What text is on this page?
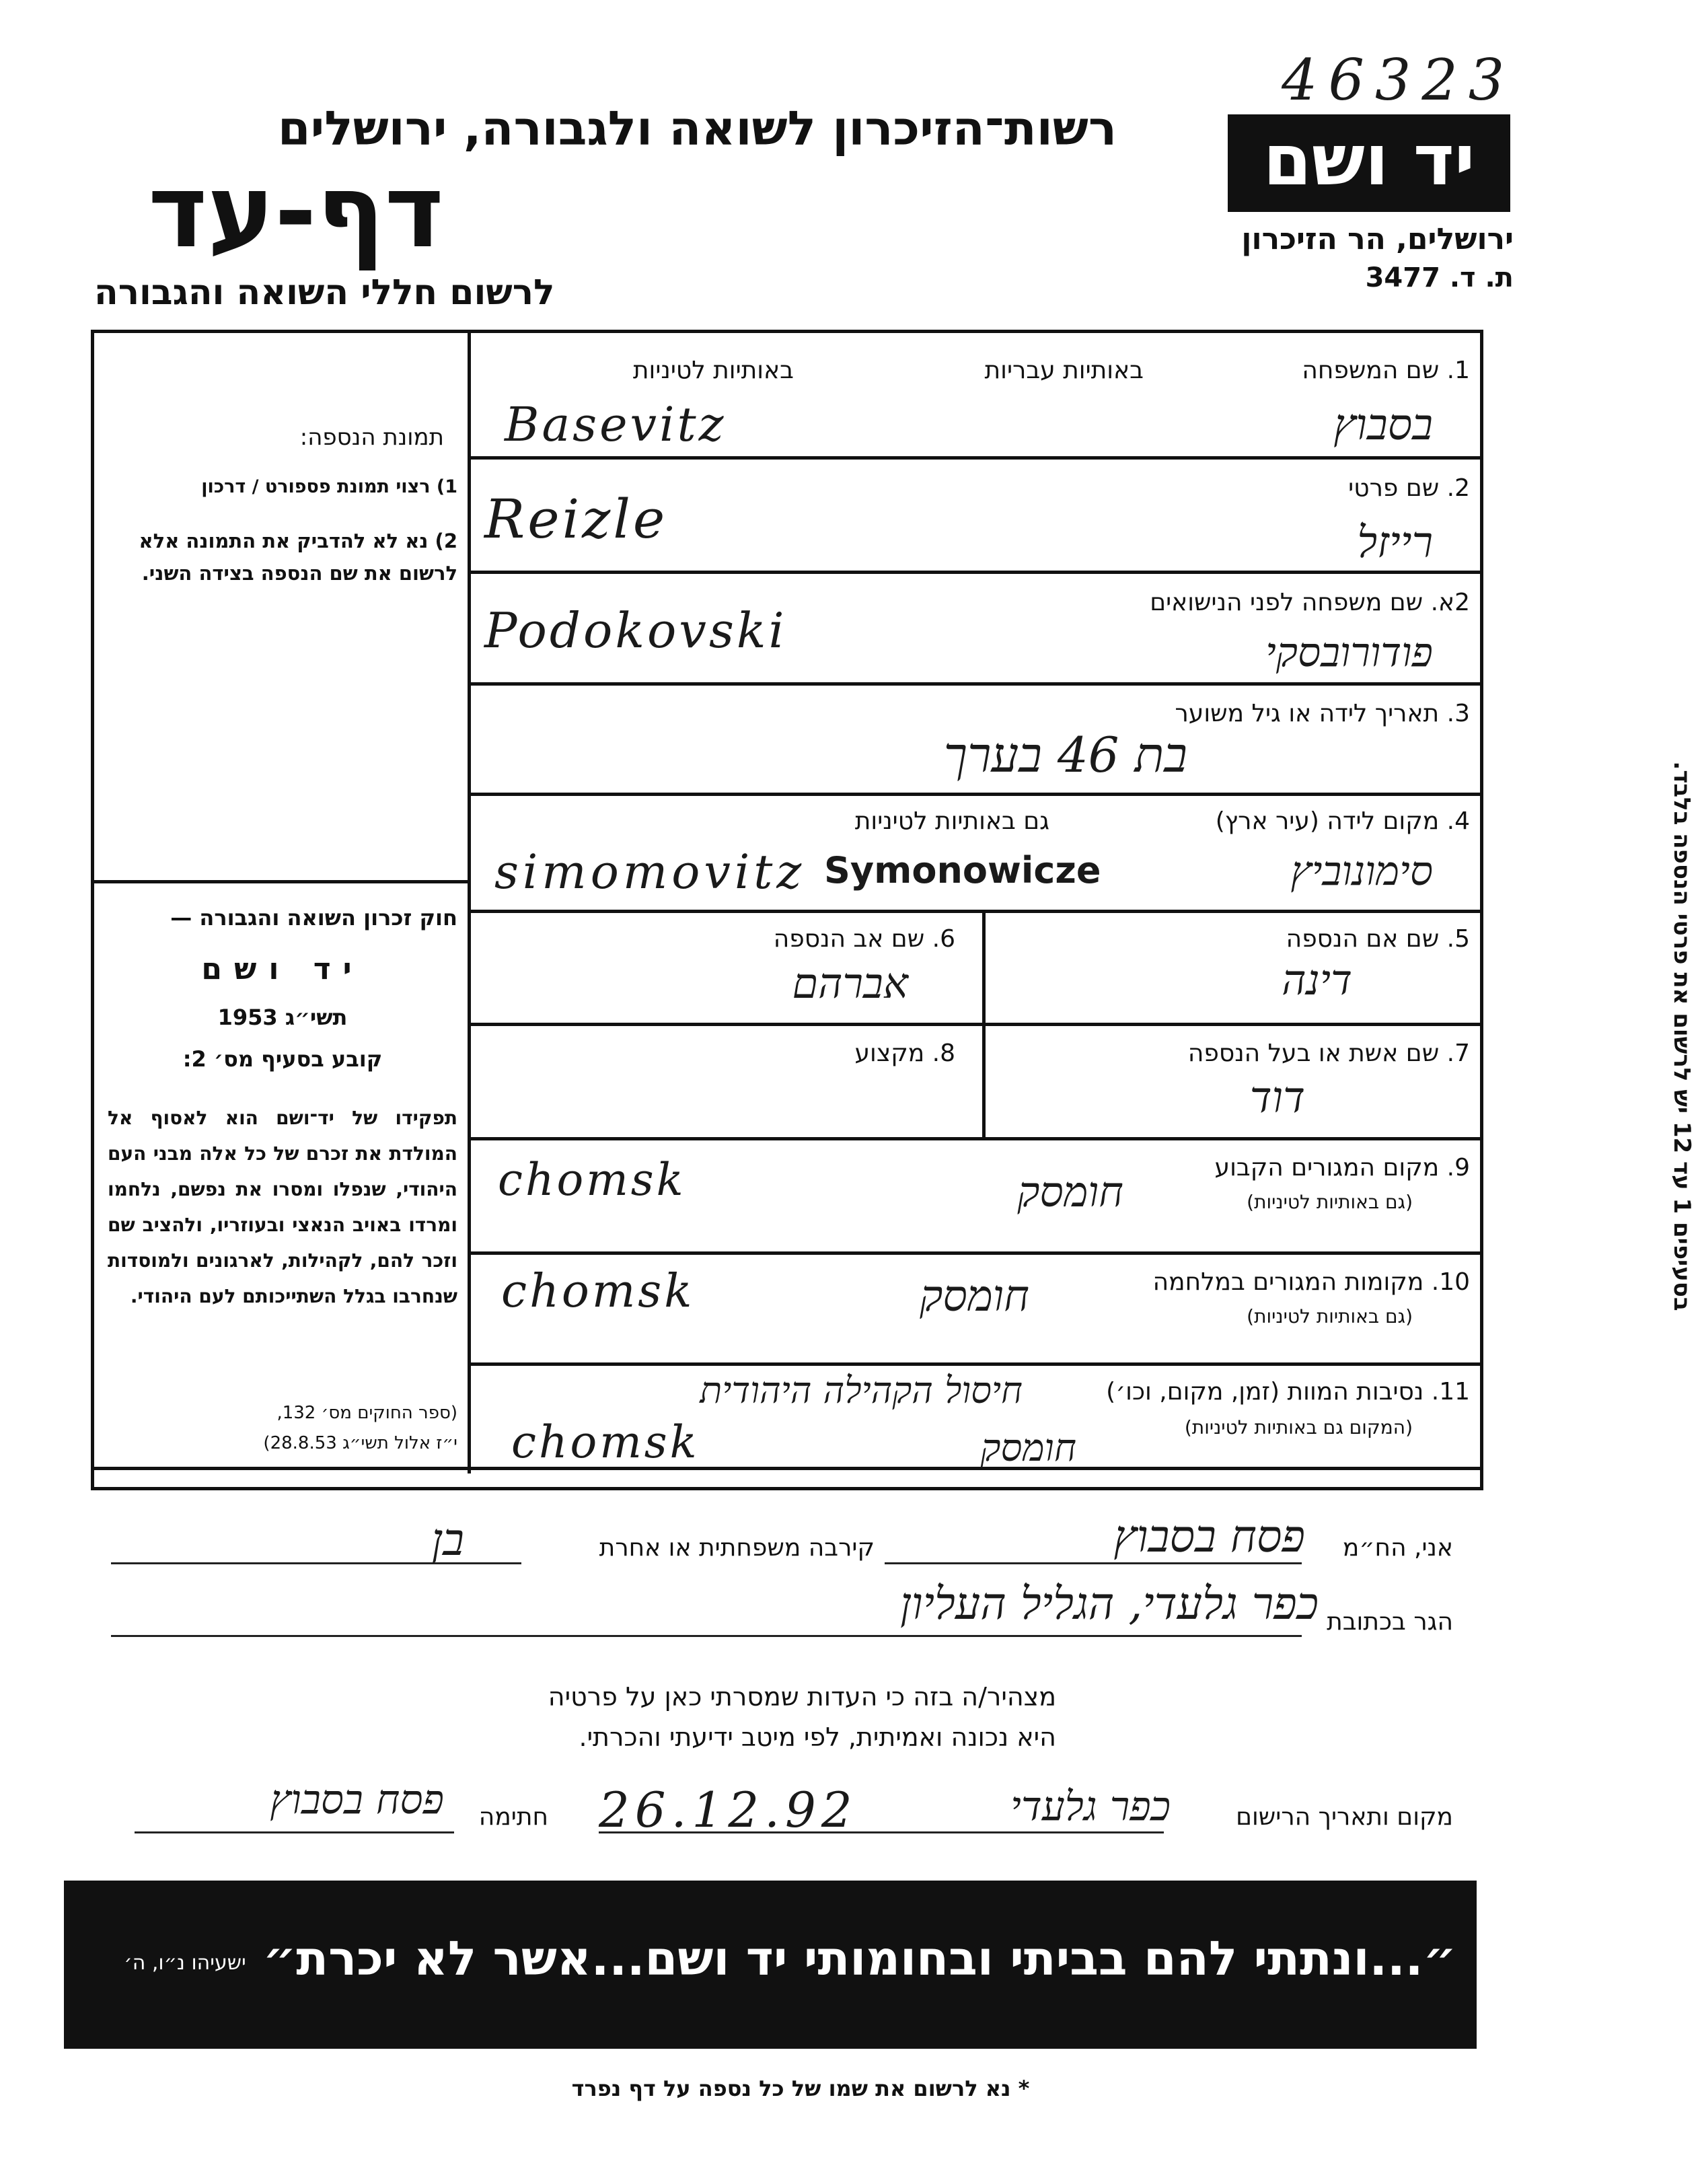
46323
יד ושם
ירושלים, הר הזיכרון
ת. ד. 3477
רשות־הזיכרון לשואה ולגבורה, ירושלים
דף-עד
לרשום חללי השואה והגבורה
תמונת הנספה:
1) רצוי תמונת פספורט / דרכון
2) נא לא להדביק את התמונה אלא לרשום את שם הנספה בצידה השני.
חוק זכרון השואה והגבורה —
יד ושם
תשי״ג 1953
קובע בסעיף מס׳ 2:
תפקידו של יד־ושם הוא לאסוף אל המולדת את זכרם של כל אלה מבני העם היהודי, שנפלו ומסרו את נפשם, נלחמו ומרדו באויב הנאצי ובעוזריו, ולהציב שם וזכר להם, לקהילות, לארגונים ולמוסדות שנחרבו בגלל השתייכותם לעם היהודי.
(ספר החוקים מס׳ 132,
י״ז אלול תשי״ג 28.8.53)
1. שם המשפחה
באותיות עבריות
באותיות לטיניות
בסבוץ
Basevitz
2. שם פרטי
רייזל
Reizle
2א. שם משפחה לפני הנישואים
פודורובסקי
Podokovski
3. תאריך לידה או גיל משוער
בת 46 בערך
4. מקום לידה (עיר ארץ)
גם באותיות לטיניות
סימונוביץ
simomovitz Symonowicze
5. שם אם הנספה
דינה
6. שם אב הנספה
אברהם
7. שם אשת או בעל הנספה
דוד
8. מקצוע
9. מקום המגורים הקבוע
(גם באותיות לטיניות)
חומסק
chomsk
10. מקומות המגורים במלחמה
(גם באותיות לטיניות)
חומסק
chomsk
11. נסיבות המוות (זמן, מקום, וכו׳)
(המקום גם באותיות לטיניות)
חיסול הקהילה היהודית
חומסק
chomsk
בסעיפים 1 עד 12 יש לרשום את פרטי הנספה בלבד.
אני, הח״מ
פסח בסבוץ
קירבה משפחתית או אחרת
בן
הגר בכתובת
כפר גלעדי, הגליל העליון
מצהיר/ה בזה כי העדות שמסרתי כאן על פרטיה
היא נכונה ואמיתית, לפי מיטב ידיעתי והכרתי.
מקום ותאריך הרישום
כפר גלעדי
26.12.92
חתימה
פסח בסבוץ
״...ונתתי להם בביתי ובחומותי יד ושם...אשר לא יכרת״
ישעיהו נ״ו, ה׳
* נא לרשום את שמו של כל נספה על דף נפרד
